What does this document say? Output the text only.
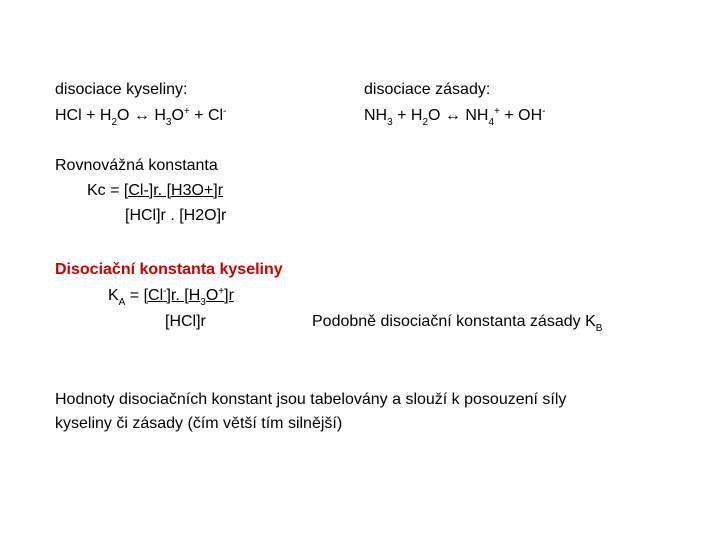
disociace kyseliny:
HCl + $H_2O$ ↔ $H_3O^+ + Cl^-$
disociace zásady:
$NH_3 + H_2O$ ↔ $NH_4^+ + OH^-$
Rovnovážná konstanta
Kc = [Cl-]r. [H3O+]r
[HCl]r . [H2O]r
Disociační konstanta kyseliny
$K_A = [Cl^-]r$. $[H_3O^+]r$
[HCl]r	Podobně disociační konstanta zásady $K_B$
Hodnoty disociačních konstant jsou tabelovány a slouží k posouzení síly
kyseliny či zásady (čím větší tím silnější)
